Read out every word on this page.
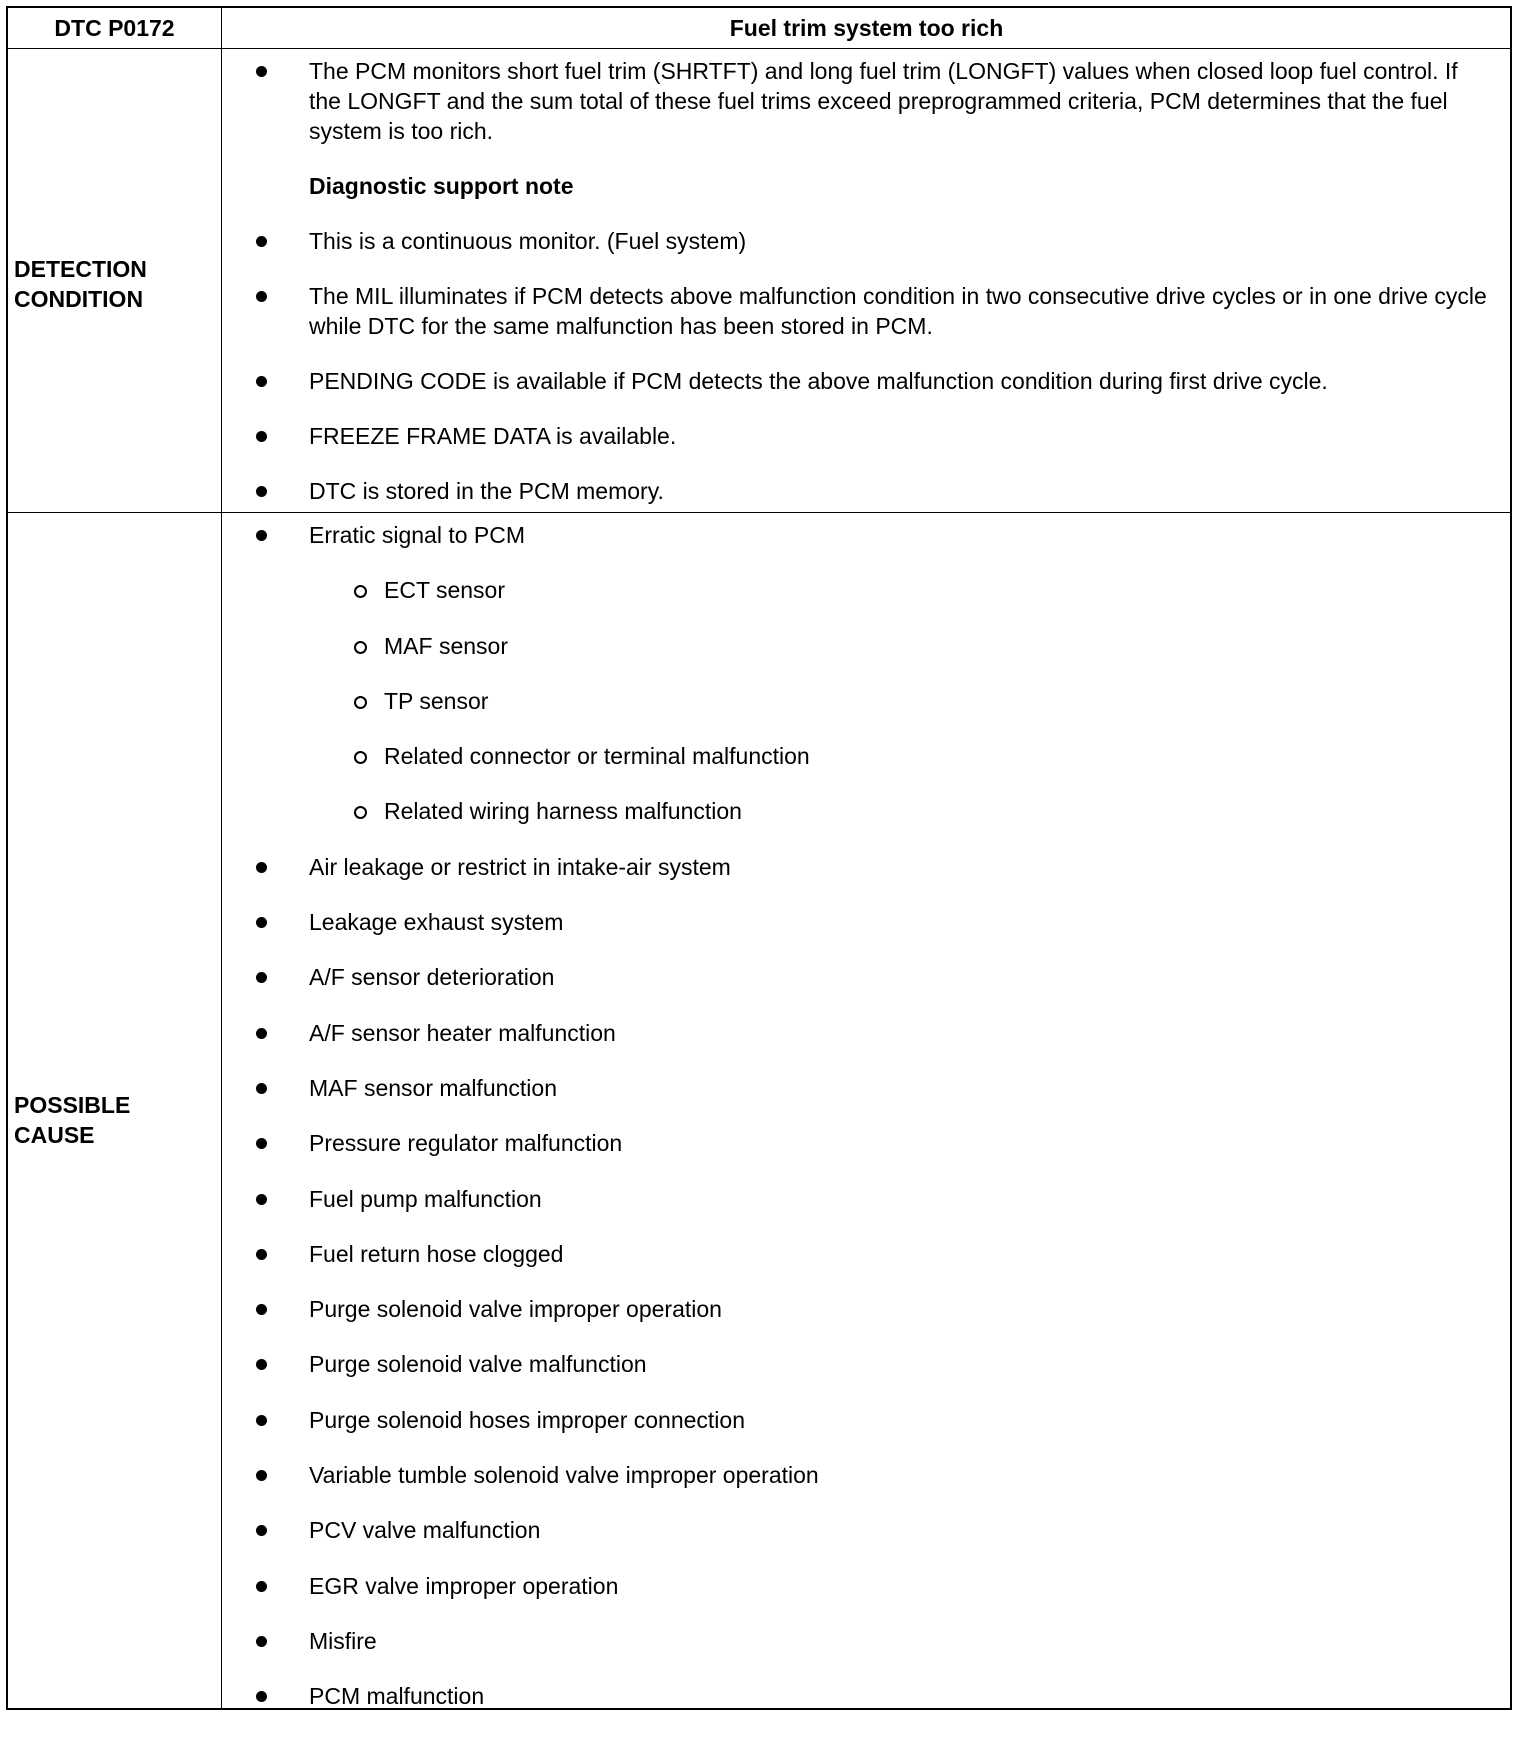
DTC P0172	Fuel trim system too rich
DETECTION CONDITION
The PCM monitors short fuel trim (SHRTFT) and long fuel trim (LONGFT) values when closed loop fuel control. If the LONGFT and the sum total of these fuel trims exceed preprogrammed criteria, PCM determines that the fuel system is too rich.
Diagnostic support note
This is a continuous monitor. (Fuel system)
The MIL illuminates if PCM detects above malfunction condition in two consecutive drive cycles or in one drive cycle while DTC for the same malfunction has been stored in PCM.
PENDING CODE is available if PCM detects the above malfunction condition during first drive cycle.
FREEZE FRAME DATA is available.
DTC is stored in the PCM memory.
POSSIBLE CAUSE
Erratic signal to PCM
ECT sensor
MAF sensor
TP sensor
Related connector or terminal malfunction
Related wiring harness malfunction
Air leakage or restrict in intake-air system
Leakage exhaust system
A/F sensor deterioration
A/F sensor heater malfunction
MAF sensor malfunction
Pressure regulator malfunction
Fuel pump malfunction
Fuel return hose clogged
Purge solenoid valve improper operation
Purge solenoid valve malfunction
Purge solenoid hoses improper connection
Variable tumble solenoid valve improper operation
PCV valve malfunction
EGR valve improper operation
Misfire
PCM malfunction
